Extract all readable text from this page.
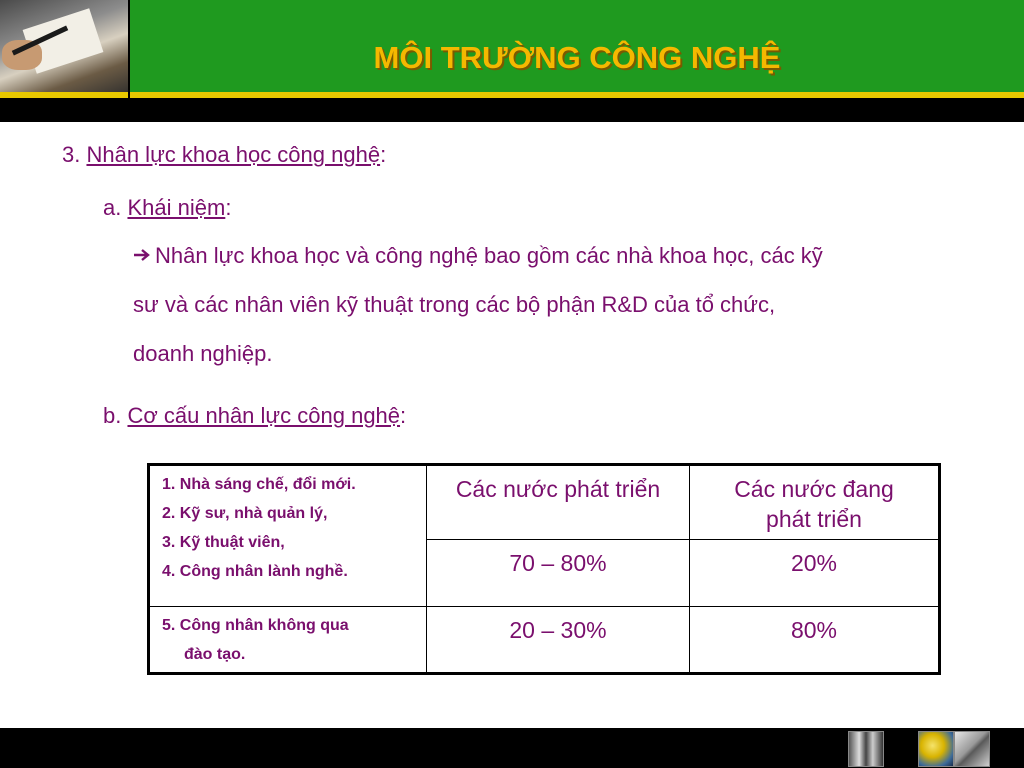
MÔI TRƯỜNG CÔNG NGHỆ

3. Nhân lực khoa học công nghệ:

a. Khái niệm:

Nhân lực khoa học và công nghệ bao gồm các nhà khoa học, các kỹ

sư và các nhân viên kỹ thuật trong các bộ phận R&D của tổ chức,

doanh nghiệp.

b. Cơ cấu nhân lực công nghệ:

1. Nhà sáng chế, đổi mới.
2. Kỹ sư, nhà quản lý,
3. Kỹ thuật viên,
4. Công nhân lành nghề.	Các nước phát triển	Các nước đang phát triển
	70 – 80%	20%

5. Công nhân không qua
đào tạo.	20 – 30%	80%
